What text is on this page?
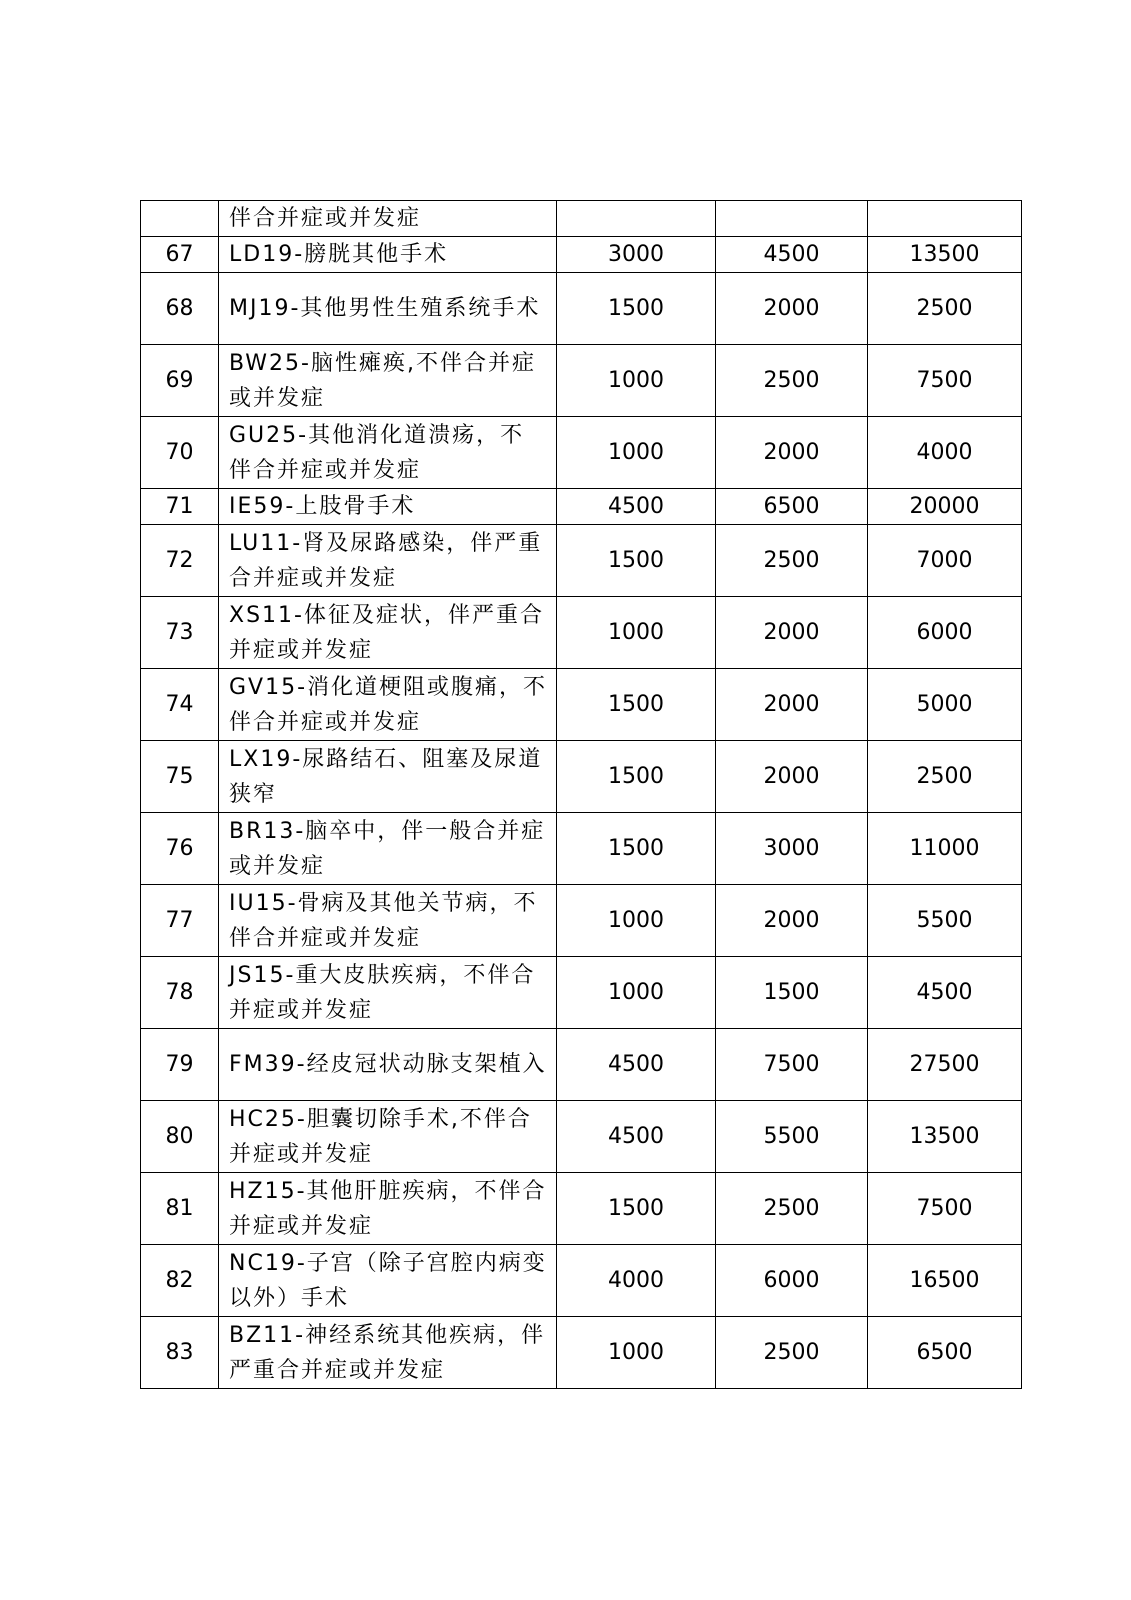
	伴合并症或并发症			

67	LD19-膀胱其他手术	3000	4500	13500
68	MJ19-其他男性生殖系统手术	1500	2000	2500
69	BW25-脑性瘫痪,不伴合并症或并发症	1000	2500	7500
70	GU25-其他消化道溃疡，不伴合并症或并发症	1000	2000	4000
71	IE59-上肢骨手术	4500	6500	20000
72	LU11-肾及尿路感染，伴严重合并症或并发症	1500	2500	7000
73	XS11-体征及症状，伴严重合并症或并发症	1000	2000	6000
74	GV15-消化道梗阻或腹痛，不伴合并症或并发症	1500	2000	5000
75	LX19-尿路结石、阻塞及尿道狭窄	1500	2000	2500
76	BR13-脑卒中，伴一般合并症或并发症	1500	3000	11000
77	IU15-骨病及其他关节病，不伴合并症或并发症	1000	2000	5500
78	JS15-重大皮肤疾病，不伴合并症或并发症	1000	1500	4500
79	FM39-经皮冠状动脉支架植入	4500	7500	27500
80	HC25-胆囊切除手术,不伴合并症或并发症	4500	5500	13500
81	HZ15-其他肝脏疾病，不伴合并症或并发症	1500	2500	7500
82	NC19-子宫（除子宫腔内病变以外）手术	4000	6000	16500
83	BZ11-神经系统其他疾病，伴严重合并症或并发症	1000	2500	6500
